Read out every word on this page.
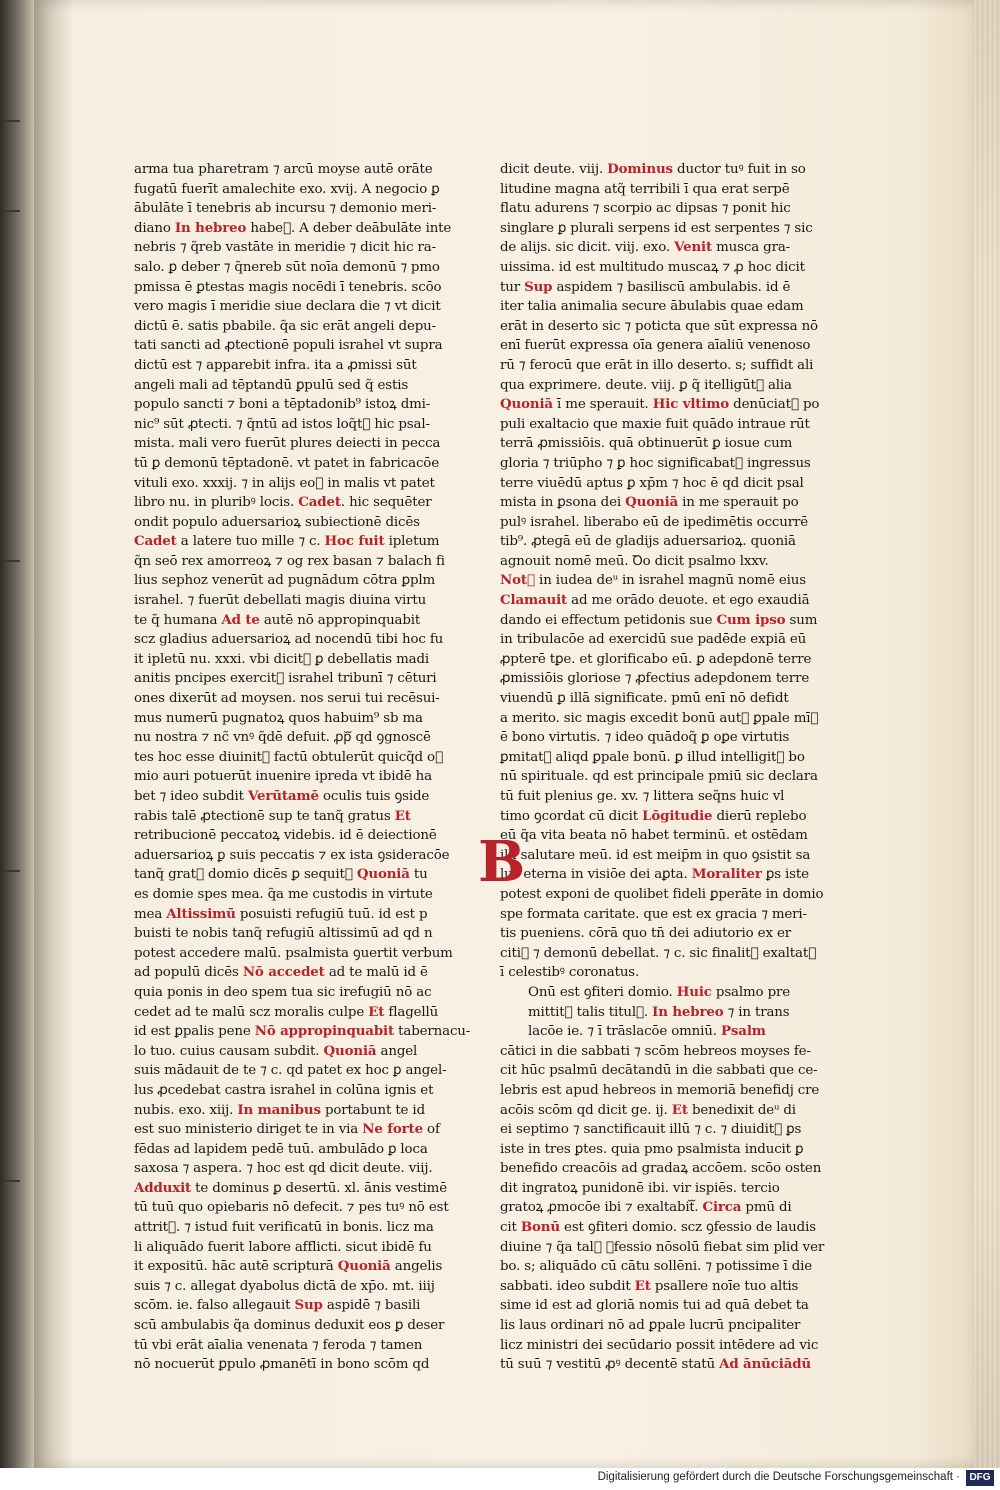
arma tua pharetram ⁊ arcū moyse autē orāte
fugatū fuerīt amalechite exo. xvij. A negocio ꝑ
ābulāte ī tenebris ab incursu ⁊ demonio meri-
diano In hebreo habeᷓ. A deber deābulāte inte
nebris ⁊ q̃reb vastāte in meridie ⁊ dicit hic ra-
salo. ꝑ deber ⁊ q̃nereb sūt noīa demonū ⁊ pmo
pmissa ē ꝑtestas magis nocēdi ī tenebris. scōo
vero magis ī meridie siue declara die ⁊ vt dicit
dictū ē. satis pbabile. q̃a sic erāt angeli depu-
tati sancti ad ꝓtectionē populi israhel vt supra
dictū est ⁊ apparebit infra. ita a ꝓmissi sūt
angeli mali ad tēptandū ꝑpulū sed q̃ estis
populo sancti ⁊ boni a tēptadonib⁹ istoꝝ dmi-
nic⁹ sūt ꝓtecti. ⁊ q̃ntū ad istos loq̃tᷓ hic psal-
mista. mali vero fuerūt plures deiecti in pecca
tū ꝑ demonū tēptadonē. vt patet in fabricacōe
vituli exo. xxxij. ⁊ in alijs eo᷒ in malis vt patet
libro nu. in pluribꝰ locis. Cadet. hic sequēter
ondit populo aduersarioꝝ subiectionē dicēs
Cadet a latere tuo mille ⁊ c. Hoc fuit ipletum
q̃n seō rex amorreoꝝ ⁊ og rex basan ⁊ balach fi
lius sephoz venerūt ad pugnādum cōtra ꝑplm
israhel. ⁊ fuerūt debellati magis diuina virtu
te q̃ humana Ad te autē nō appropinquabit
scz gladius aduersarioꝝ ad nocendū tibi hoc fu
it ipletū nu. xxxi. vbi dicitᷓ ꝑ debellatis madi
anitis pncipes exercitᷓ israhel tribunī ⁊ cēturi
ones dixerūt ad moysen. nos serui tui recēsui-
mus numerū pugnatoꝝ quos habuim⁹ sb ma
nu nostra ⁊ nc̃ vnꝰ q̃dē defuit. ꝓpᷓ qd ꝯgnoscē
tes hoc esse diuinitᷓ factū obtulerūt quicq̃d o᷒
mio auri potuerūt inuenire ipreda vt ibidē ha
bet ⁊ ideo subdit Verūtamē oculis tuis ꝯside
rabis talē ꝓtectionē sup te tanq̃ gratus Et
retribucionē peccatoꝝ videbis. id ē deiectionē
aduersarioꝝ ꝑ suis peccatis ⁊ ex ista ꝯsideracōe
tanq̃ gratᷓ domio dicēs ꝑ sequitᷓ Quoniā tu
es domie spes mea. q̃a me custodis in virtute
mea Altissimū posuisti refugiū tuū. id est p
buisti te nobis tanq̃ refugiū altissimū ad qd n
potest accedere malū. psalmista ꝯuertit verbum
ad populū dicēs Nō accedet ad te malū id ē
quia ponis in deo spem tua sic irefugiū nō ac
cedet ad te malū scz moralis culpe Et flagellū
id est ꝑpalis pene Nō appropinquabit tabernacu-
lo tuo. cuius causam subdit. Quoniā angel
suis mādauit de te ⁊ c. qd patet ex hoc ꝑ angel-
lus ꝓcedebat castra israhel in colūna ignis et
nubis. exo. xiij. In manibus portabunt te id
est suo ministerio diriget te in via Ne forte of
fēdas ad lapidem pedē tuū. ambulādo ꝑ loca
saxosa ⁊ aspera. ⁊ hoc est qd dicit deute. viij.
Adduxit te dominus ꝑ desertū. xl. ānis vestimē
tū tuū quo opiebaris nō defecit. ⁊ pes tuꝰ nō est
attritᷓ. ⁊ istud fuit verificatū in bonis. licz ma
li aliquādo fuerit labore afflicti. sicut ibidē fu
it expositū. hāc autē scripturā Quoniā angelis
suis ⁊ c. allegat dyabolus dictā de xp̄o. mt. iiij
scōm. ie. falso allegauit Sup aspidē ⁊ basili
scū ambulabis q̃a dominus deduxit eos ꝑ deser
tū vbi erāt aīalia venenata ⁊ feroda ⁊ tamen
nō nocuerūt ꝑpulo ꝓmanētī in bono scōm qd
dicit deute. viij. Dominus ductor tuꝰ fuit in so
litudine magna atq̃ terribili ī qua erat serpē
flatu adurens ⁊ scorpio ac dipsas ⁊ ponit hic
singlare ꝑ plurali serpens id est serpentes ⁊ sic
de alijs. sic dicit. viij. exo. Venit musca gra-
uissima. id est multitudo muscaꝝ ⁊ ꝓ hoc dicit
tur Sup aspidem ⁊ basiliscū ambulabis. id ē
iter talia animalia secure ābulabis quae edam
erāt in deserto sic ⁊ poticta que sūt expressa nō
enī fuerūt expressa oīa genera aīaliū venenoso
rū ⁊ ferocū que erāt in illo deserto. s; suffidt ali
qua exprimere. deute. viij. ꝑ q̃ itelligūtᷓ alia
Quoniā ī me sperauit. Hic vltimo denūciatᷓ po
puli exaltacio que maxie fuit quādo intraue rūt
terrā ꝓmissiōis. quā obtinuerūt ꝑ iosue cum
gloria ⁊ triūpho ⁊ ꝑ hoc significabatᷓ ingressus
terre viuēdū aptus ꝑ xp̄m ⁊ hoc ē qd dicit psal
mista in ꝑsona dei Quoniā in me sperauit po
pulꝰ israhel. liberabo eū de ipedimētis occurrē
tib⁹. ꝓtegā eū de gladijs aduersarioꝝ. quoniā
agnouit nomē meū. Ꝺo dicit psalmo lxxv.
Notᷓ in iudea deᵘ in israhel magnū nomē eius
Clamauit ad me orādo deuote. et ego exaudiā
dando ei effectum petidonis sue Cum ipso sum
in tribulacōe ad exercidū sue padēde expiā eū
ꝓpterē tꝑe. et glorificabo eū. ꝑ adepdonē terre
ꝓmissiōis gloriose ⁊ ꝓfectius adepdonem terre
viuendū ꝑ illā significate. pmū enī nō defidt
a merito. sic magis excedit bonū autᷓ ꝑpale mīꝰ
ē bono virtutis. ⁊ ideo quādoq̃ ꝑ oꝑe virtutis
ꝑmitatᷓ aliqd ꝑpale bonū. ꝑ illud intelligitᷓ bo
nū spirituale. qd est principale pmiū sic declara
tū fuit plenius ge. xv. ⁊ littera seq̃ns huic vl
timo ꝯcordat cū dicit Lōgitudie dierū replebo
eū q̃a vita beata nō habet terminū. et ostēdam
illi salutare meū. id est meip̄m in quo ꝯsistit sa
lus eterna in visiōe dei aꝑta. Moraliter ꝑs iste
potest exponi de quolibet fideli ꝑperāte in domio
spe formata caritate. que est ex gracia ⁊ meri-
tis pueniens. cōrā quo tn̄ dei adiutorio ex er
citiᷓ ⁊ demonū debellat. ⁊ c. sic finalitᷓ exaltatᷓ
ī celestibꝰ coronatus.
Onū est ꝯfiteri domio. Huic psalmo pre
mittitᷓ talis titulꝰ. In hebreo ⁊ in trans
lacōe ie. ⁊ ī trāslacōe omniū. Psalm
cātici in die sabbati ⁊ scōm hebreos moyses fe-
cit hūc psalmū decātandū in die sabbati que ce-
lebris est apud hebreos in memoriā benefidj cre
acōis scōm qd dicit ge. ij. Et benedixit deᵘ di
ei septimo ⁊ sanctificauit illū ⁊ c. ⁊ diuiditᷓ ꝑs
iste in tres ꝑtes. quia pmo psalmista inducit ꝑ
benefido creacōis ad gradaꝝ accōem. scōo osten
dit ingratoꝝ punidonē ibi. vir ispiēs. tercio
gratoꝝ ꝓmocōe ibi ⁊ exaltabitᷓ. Circa pmū di
cit Bonū est ꝯfiteri domio. scz ꝯfessio de laudis
diuine ⁊ q̃a talᷓ ꝯfessio nōsolū fiebat sim plid ver
bo. s; aliquādo cū cātu sollēni. ⁊ potissime ī die
sabbati. ideo subdit Et psallere noīe tuo altis
sime id est ad gloriā nomis tui ad quā debet ta
lis laus ordinari nō ad ꝑpale lucrū pncipaliter
licz ministri dei secūdario possit intēdere ad vic
tū suū ⁊ vestitū ꝓꝰ decentē statū Ad ānūciādū
B
Digitalisierung gefördert durch die Deutsche Forschungsgemeinschaft · DFG
